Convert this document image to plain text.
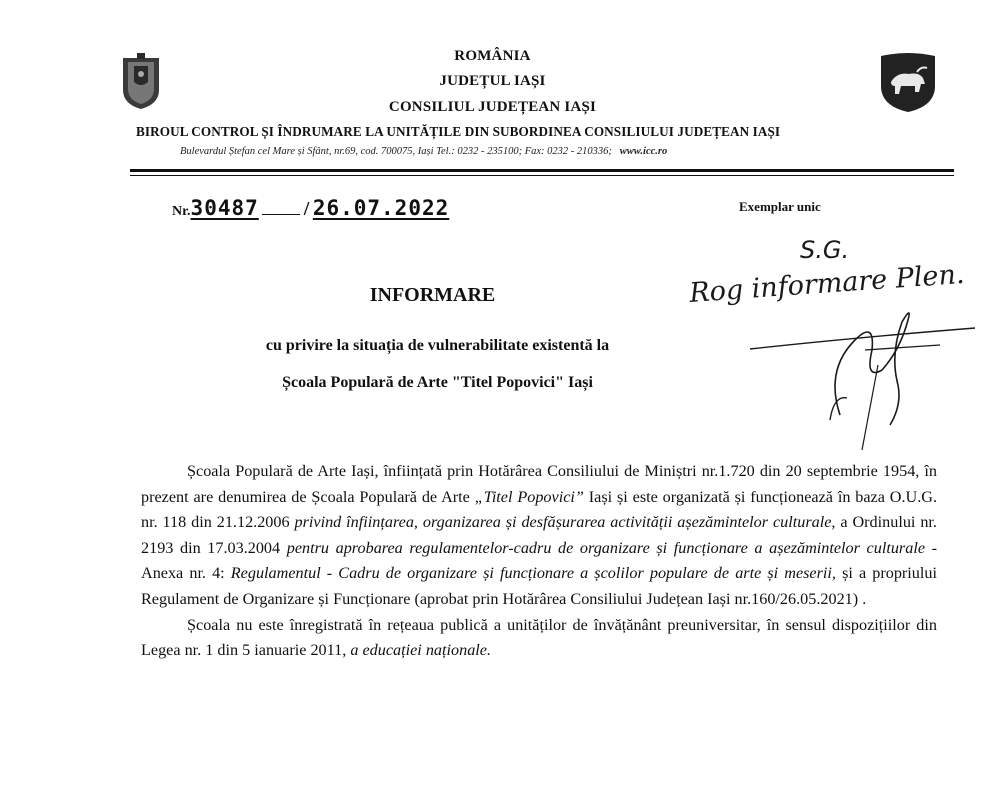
ROMÂNIA
JUDEȚUL IAȘI
CONSILIUL JUDEȚEAN IAȘI
BIROUL CONTROL ȘI ÎNDRUMARE LA UNITĂȚILE DIN SUBORDINEA CONSILIULUI JUDEȚEAN IAȘI
Bulevardul Ștefan cel Mare și Sfânt, nr.69, cod. 700075, Iași Tel.: 0232 - 235100; Fax: 0232 - 210336; www.icc.ro
Nr.30487 / 26.07.2022	Exemplar unic
S.G.
Rog informare Plen.
INFORMARE
cu privire la situația de vulnerabilitate existentă la
Școala Populară de Arte "Titel Popovici" Iași

Școala Populară de Arte Iași, înființată prin Hotărârea Consiliului de Miniștri nr.1.720 din 20 septembrie 1954, în prezent are denumirea de Școala Populară de Arte „Titel Popovici” Iași și este organizată și funcționează în baza O.U.G. nr. 118 din 21.12.2006 privind înființarea, organizarea și desfășurarea activității așezămintelor culturale, a Ordinului nr. 2193 din 17.03.2004 pentru aprobarea regulamentelor-cadru de organizare și funcționare a așezămintelor culturale - Anexa nr. 4: Regulamentul - Cadru de organizare și funcționare a școlilor populare de arte și meserii, și a propriului Regulament de Organizare și Funcționare (aprobat prin Hotărârea Consiliului Județean Iași nr.160/26.05.2021) .

Școala nu este înregistrată în rețeaua publică a unităților de învățănânt preuniversitar, în sensul dispozițiilor din Legea nr. 1 din 5 ianuarie 2011, a educației naționale.
